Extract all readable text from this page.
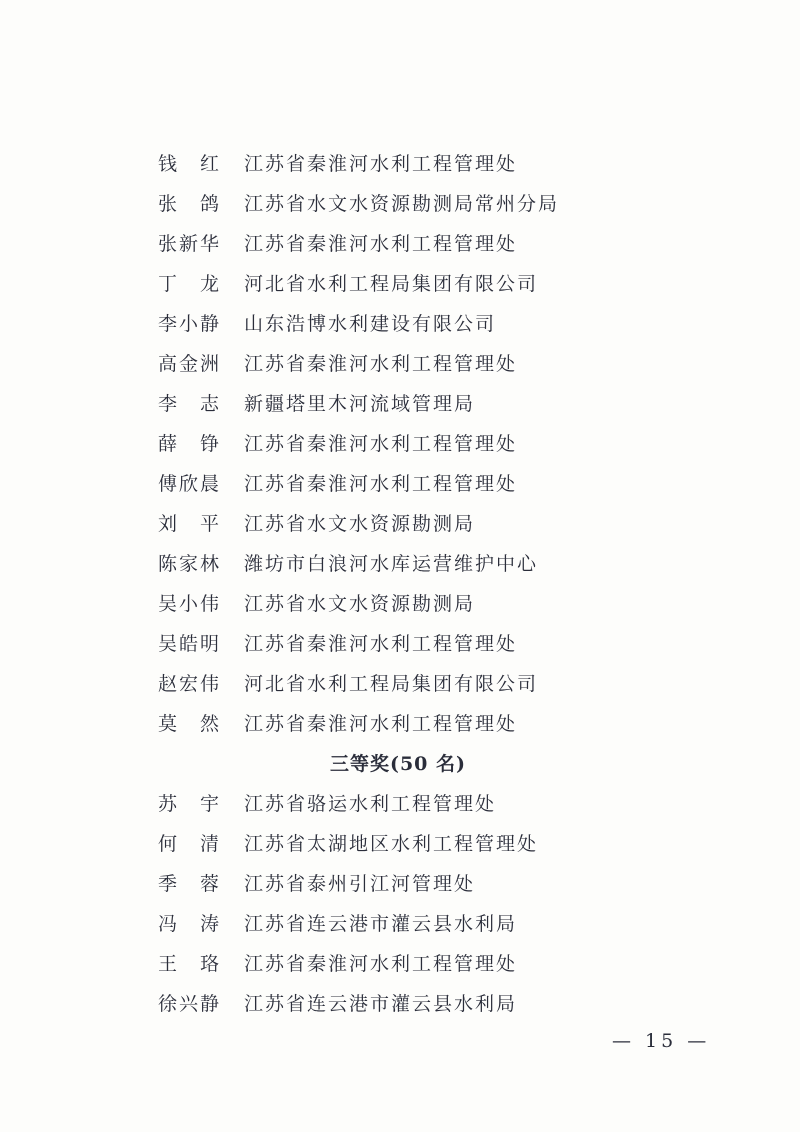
钱　红	江苏省秦淮河水利工程管理处
张　鸽	江苏省水文水资源勘测局常州分局
张新华	江苏省秦淮河水利工程管理处
丁　龙	河北省水利工程局集团有限公司
李小静	山东浩博水利建设有限公司
高金洲	江苏省秦淮河水利工程管理处
李　志	新疆塔里木河流域管理局
薛　铮	江苏省秦淮河水利工程管理处
傅欣晨	江苏省秦淮河水利工程管理处
刘　平	江苏省水文水资源勘测局
陈家林	潍坊市白浪河水库运营维护中心
吴小伟	江苏省水文水资源勘测局
吴皓明	江苏省秦淮河水利工程管理处
赵宏伟	河北省水利工程局集团有限公司
莫　然	江苏省秦淮河水利工程管理处
三等奖(50 名)
苏　宇	江苏省骆运水利工程管理处
何　清	江苏省太湖地区水利工程管理处
季　蓉	江苏省泰州引江河管理处
冯　涛	江苏省连云港市灌云县水利局
王　珞	江苏省秦淮河水利工程管理处
徐兴静	江苏省连云港市灌云县水利局
— 15 —
